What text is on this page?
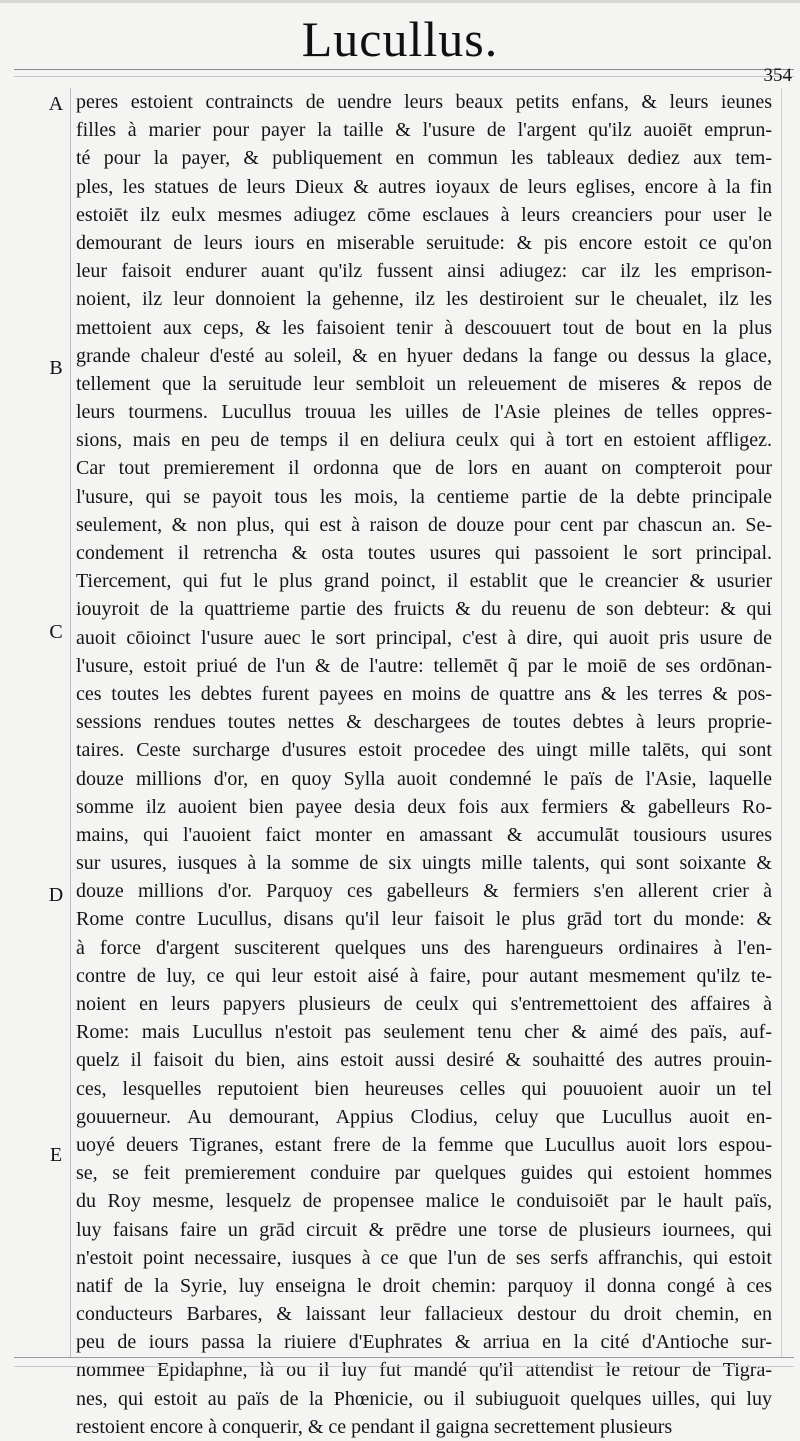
Lucullus.
354
A
B
C
D
E
peres estoient contraincts de uendre leurs beaux petits enfans, & leurs ieunes
filles à marier pour payer la taille & l'usure de l'argent qu'ilz auoiēt emprun-
té pour la payer, & publiquement en commun les tableaux dediez aux tem-
ples, les statues de leurs Dieux & autres ioyaux de leurs eglises, encore à la fin
estoiēt ilz eulx mesmes adiugez cōme esclaues à leurs creanciers pour user le
demourant de leurs iours en miserable seruitude: & pis encore estoit ce qu'on
leur faisoit endurer auant qu'ilz fussent ainsi adiugez: car ilz les emprison-
noient, ilz leur donnoient la gehenne, ilz les destiroient sur le cheualet, ilz les
mettoient aux ceps, & les faisoient tenir à descouuert tout de bout en la plus
grande chaleur d'esté au soleil, & en hyuer dedans la fange ou dessus la glace,
tellement que la seruitude leur sembloit un releuement de miseres & repos de
leurs tourmens. Lucullus trouua les uilles de l'Asie pleines de telles oppres-
sions, mais en peu de temps il en deliura ceulx qui à tort en estoient affligez.
Car tout premierement il ordonna que de lors en auant on compteroit pour
l'usure, qui se payoit tous les mois, la centieme partie de la debte principale
seulement, & non plus, qui est à raison de douze pour cent par chascun an. Se-
condement il retrencha & osta toutes usures qui passoient le sort principal.
Tiercement, qui fut le plus grand poinct, il establit que le creancier & usurier
iouyroit de la quattrieme partie des fruicts & du reuenu de son debteur: & qui
auoit cōioinct l'usure auec le sort principal, c'est à dire, qui auoit pris usure de
l'usure, estoit priué de l'un & de l'autre: tellemēt q̃ par le moiē de ses ordōnan-
ces toutes les debtes furent payees en moins de quattre ans & les terres & pos-
sessions rendues toutes nettes & deschargees de toutes debtes à leurs proprie-
taires. Ceste surcharge d'usures estoit procedee des uingt mille talēts, qui sont
douze millions d'or, en quoy Sylla auoit condemné le païs de l'Asie, laquelle
somme ilz auoient bien payee desia deux fois aux fermiers & gabelleurs Ro-
mains, qui l'auoient faict monter en amassant & accumulāt tousiours usures
sur usures, iusques à la somme de six uingts mille talents, qui sont soixante &
douze millions d'or. Parquoy ces gabelleurs & fermiers s'en allerent crier à
Rome contre Lucullus, disans qu'il leur faisoit le plus grād tort du monde: &
à force d'argent susciterent quelques uns des harengueurs ordinaires à l'en-
contre de luy, ce qui leur estoit aisé à faire, pour autant mesmement qu'ilz te-
noient en leurs papyers plusieurs de ceulx qui s'entremettoient des affaires à
Rome: mais Lucullus n'estoit pas seulement tenu cher & aimé des païs, auf-
quelz il faisoit du bien, ains estoit aussi desiré & souhaitté des autres prouin-
ces, lesquelles reputoient bien heureuses celles qui pouuoient auoir un tel
gouuerneur. Au demourant, Appius Clodius, celuy que Lucullus auoit en-
uoyé deuers Tigranes, estant frere de la femme que Lucullus auoit lors espou-
se, se feit premierement conduire par quelques guides qui estoient hommes
du Roy mesme, lesquelz de propensee malice le conduisoiēt par le hault païs,
luy faisans faire un grād circuit & prēdre une torse de plusieurs iournees, qui
n'estoit point necessaire, iusques à ce que l'un de ses serfs affranchis, qui estoit
natif de la Syrie, luy enseigna le droit chemin: parquoy il donna congé à ces
conducteurs Barbares, & laissant leur fallacieux destour du droit chemin, en
peu de iours passa la riuiere d'Euphrates & arriua en la cité d'Antioche sur-
nommee Epidaphne, là ou il luy fut mandé qu'il attendist le retour de Tigra-
nes, qui estoit au païs de la Phœnicie, ou il subiuguoit quelques uilles, qui luy
restoient encore à conquerir, & ce pendant il gaigna secrettement plusieurs
